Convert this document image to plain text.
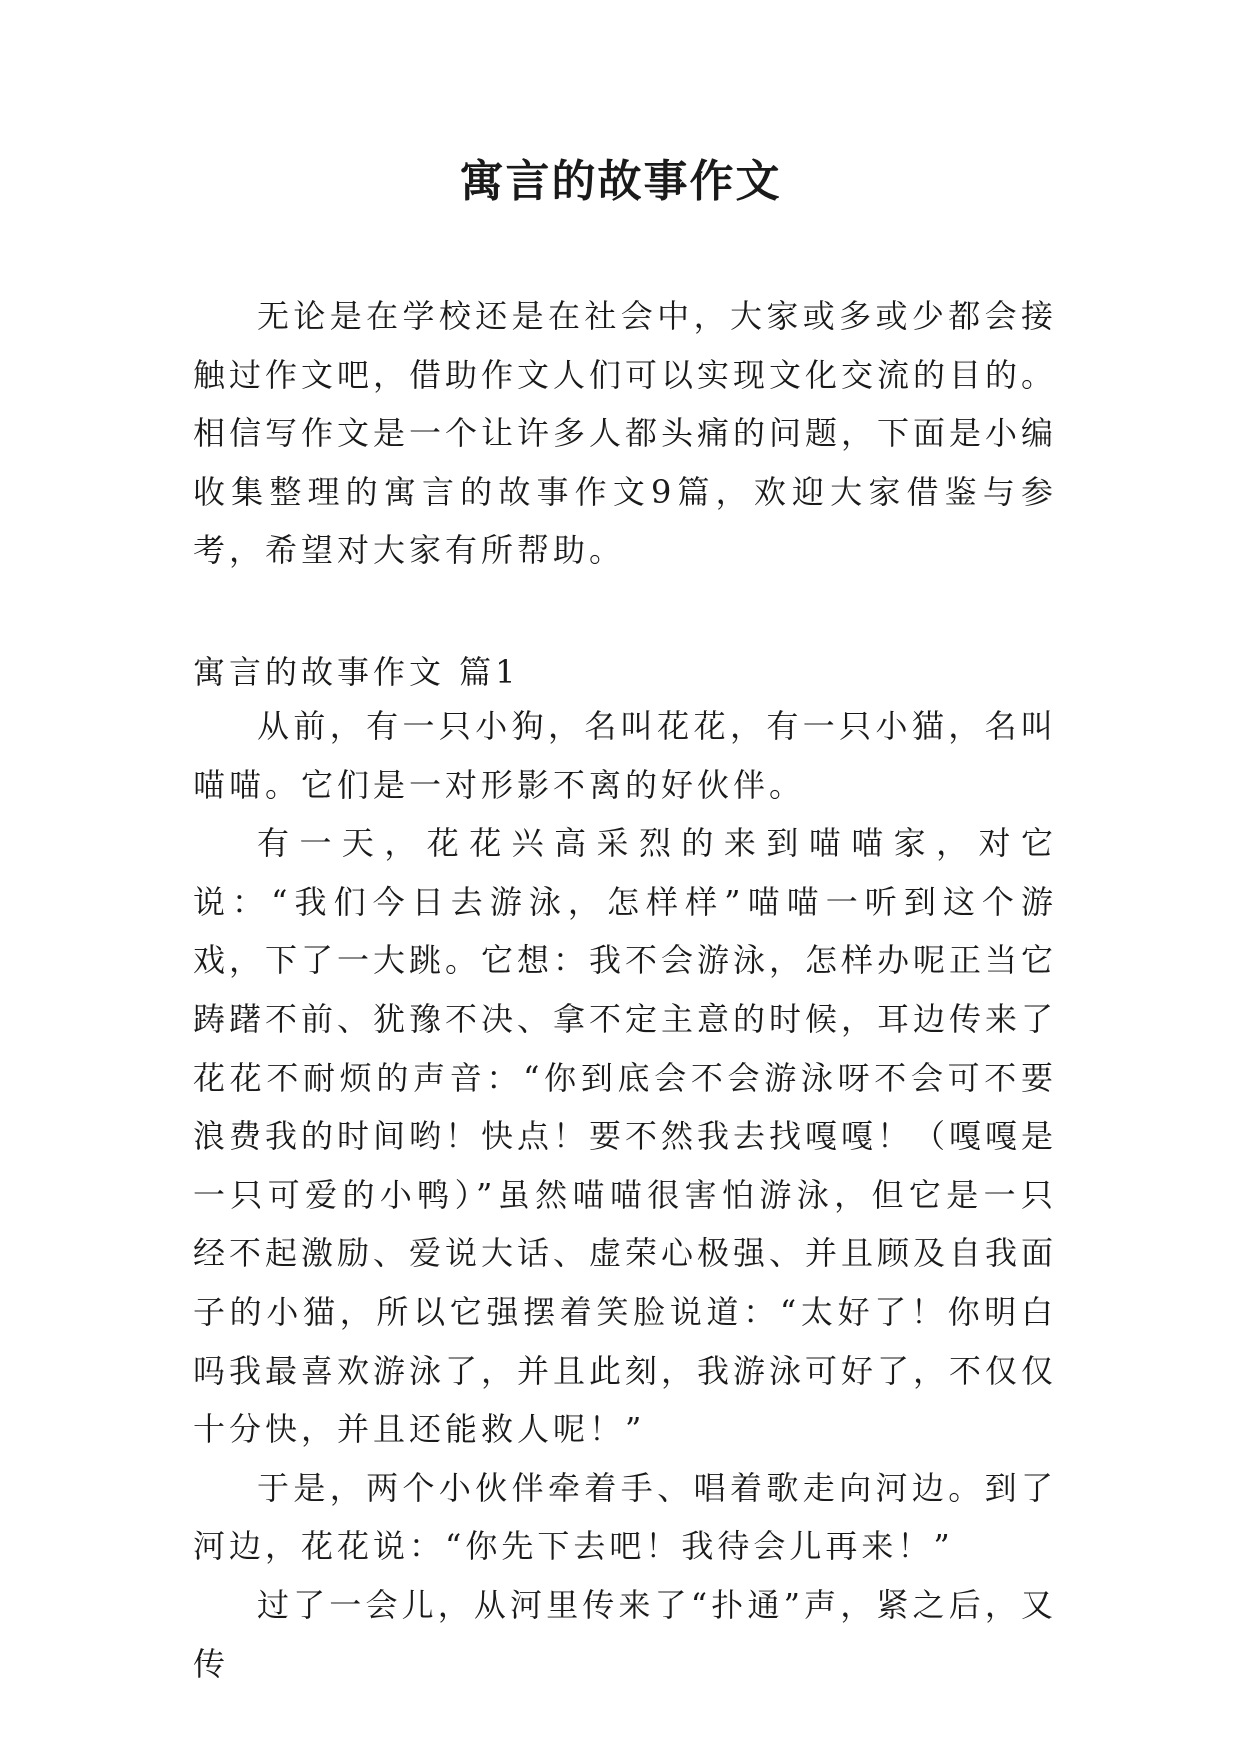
寓言的故事作文

无论是在学校还是在社会中，大家或多或少都会接触过作文吧，借助作文人们可以实现文化交流的目的。相信写作文是一个让许多人都头痛的问题，下面是小编收集整理的寓言的故事作文9篇，欢迎大家借鉴与参考，希望对大家有所帮助。

寓言的故事作文 篇1

从前，有一只小狗，名叫花花，有一只小猫，名叫喵喵。它们是一对形影不离的好伙伴。

有一天，花花兴高采烈的来到喵喵家，对它说：“我们今日去游泳，怎样样”喵喵一听到这个游戏，下了一大跳。它想：我不会游泳，怎样办呢正当它踌躇不前、犹豫不决、拿不定主意的时候，耳边传来了花花不耐烦的声音：“你到底会不会游泳呀不会可不要浪费我的时间哟！快点！要不然我去找嘎嘎！（嘎嘎是一只可爱的小鸭）”虽然喵喵很害怕游泳，但它是一只经不起激励、爱说大话、虚荣心极强、并且顾及自我面子的小猫，所以它强摆着笑脸说道：“太好了！你明白吗我最喜欢游泳了，并且此刻，我游泳可好了，不仅仅十分快，并且还能救人呢！”

于是，两个小伙伴牵着手、唱着歌走向河边。到了河边，花花说：“你先下去吧！我待会儿再来！”

过了一会儿，从河里传来了“扑通”声，紧之后，又传
